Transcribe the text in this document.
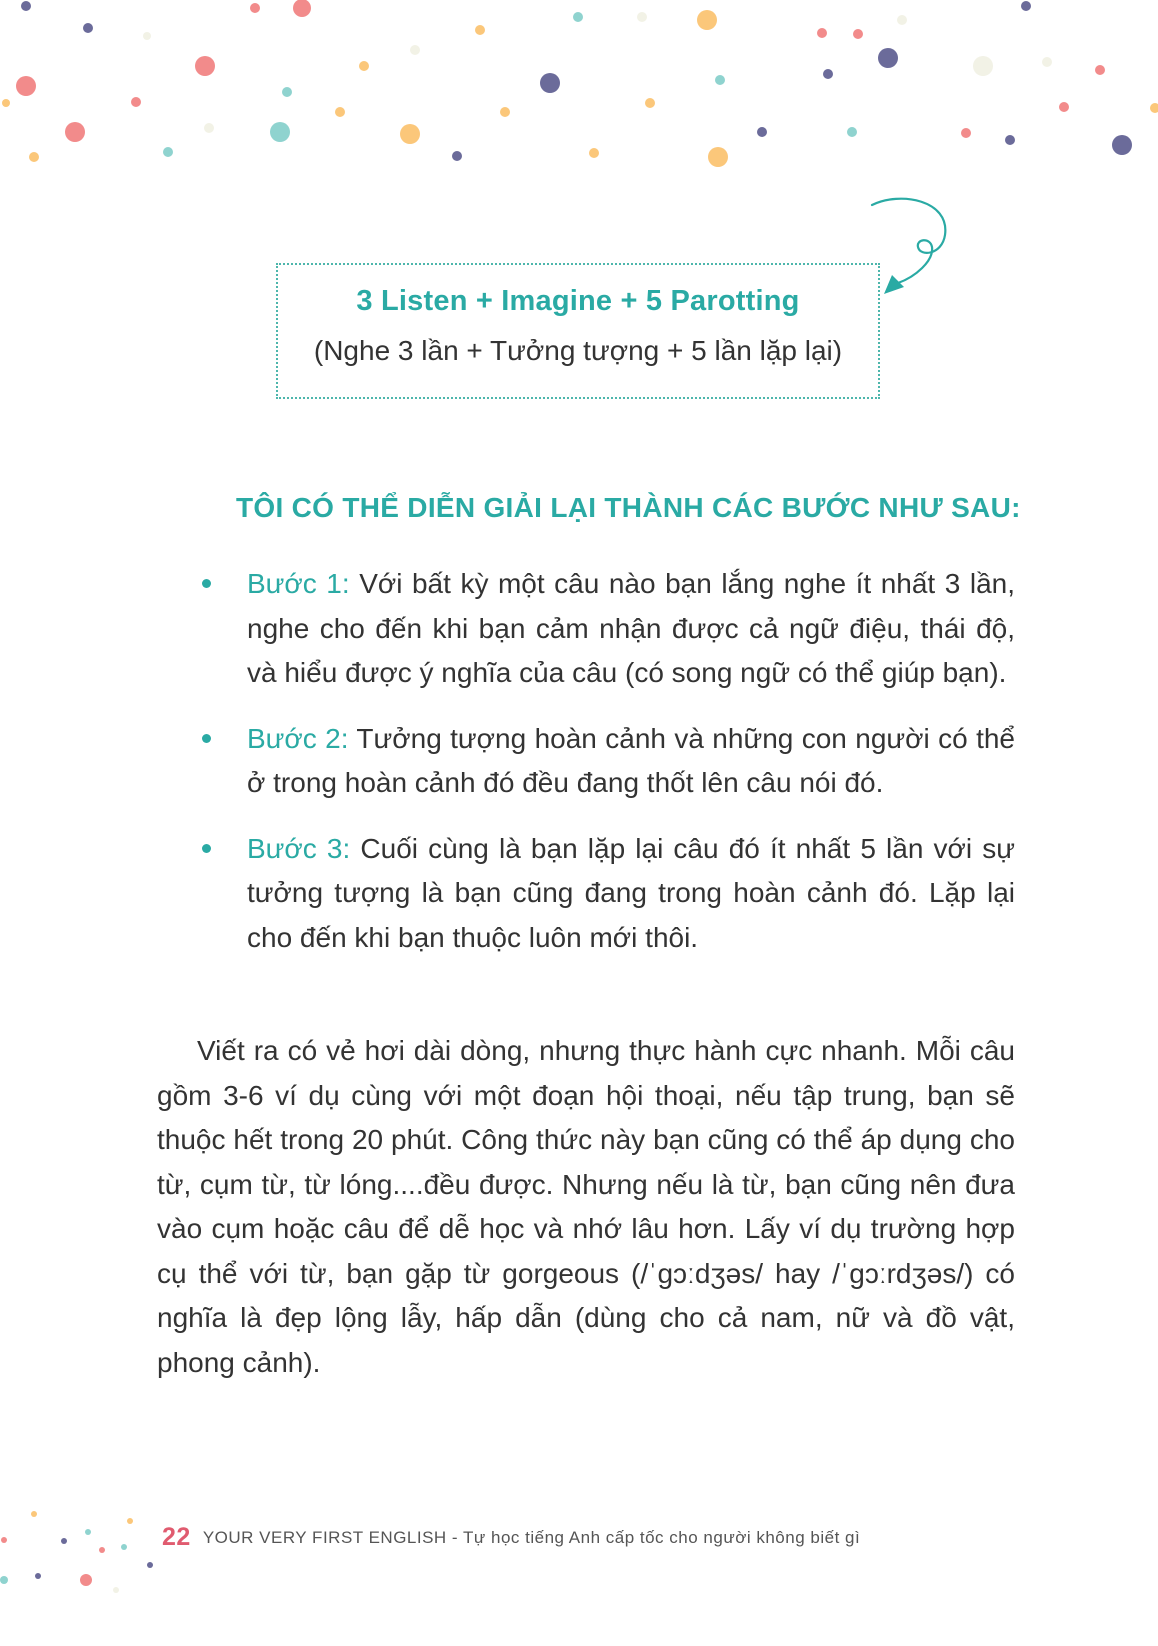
3 Listen + Imagine + 5 Parotting
(Nghe 3 lần + Tưởng tượng + 5 lần lặp lại)
TÔI CÓ THỂ DIỄN GIẢI LẠI THÀNH CÁC BƯỚC NHƯ SAU:
Bước 1: Với bất kỳ một câu nào bạn lắng nghe ít nhất 3 lần, nghe cho đến khi bạn cảm nhận được cả ngữ điệu, thái độ, và hiểu được ý nghĩa của câu (có song ngữ có thể giúp bạn).
Bước 2: Tưởng tượng hoàn cảnh và những con người có thể ở trong hoàn cảnh đó đều đang thốt lên câu nói đó.
Bước 3: Cuối cùng là bạn lặp lại câu đó ít nhất 5 lần với sự tưởng tượng là bạn cũng đang trong hoàn cảnh đó. Lặp lại cho đến khi bạn thuộc luôn mới thôi.
Viết ra có vẻ hơi dài dòng, nhưng thực hành cực nhanh. Mỗi câu gồm 3-6 ví dụ cùng với một đoạn hội thoại, nếu tập trung, bạn sẽ thuộc hết trong 20 phút. Công thức này bạn cũng có thể áp dụng cho từ, cụm từ, từ lóng....đều được. Nhưng nếu là từ, bạn cũng nên đưa vào cụm hoặc câu để dễ học và nhớ lâu hơn. Lấy ví dụ trường hợp cụ thể với từ, bạn gặp từ gorgeous (/ˈɡɔːdʒəs/ hay /ˈɡɔːrdʒəs/) có nghĩa là đẹp lộng lẫy, hấp dẫn (dùng cho cả nam, nữ và đồ vật, phong cảnh).
22 YOUR VERY FIRST ENGLISH - Tự học tiếng Anh cấp tốc cho người không biết gì
